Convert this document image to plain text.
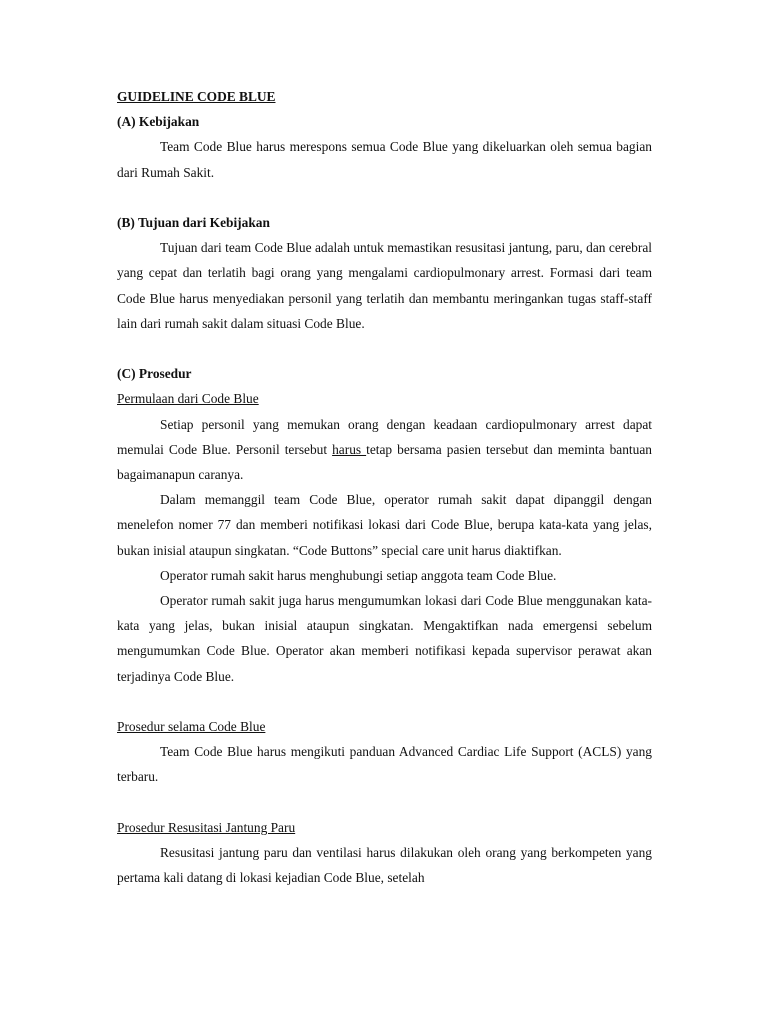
GUIDELINE CODE BLUE
(A) Kebijakan

Team Code Blue harus merespons semua Code Blue yang dikeluarkan oleh semua bagian dari Rumah Sakit.

(B) Tujuan dari Kebijakan

Tujuan dari team Code Blue adalah untuk memastikan resusitasi jantung, paru, dan cerebral yang cepat dan terlatih bagi orang yang mengalami cardiopulmonary arrest. Formasi dari team Code Blue harus menyediakan personil yang terlatih dan membantu meringankan tugas staff-staff lain dari rumah sakit dalam situasi Code Blue.

(C) Prosedur
Permulaan dari Code Blue

Setiap personil yang memukan orang dengan keadaan cardiopulmonary arrest dapat memulai Code Blue. Personil tersebut harus tetap bersama pasien tersebut dan meminta bantuan bagaimanapun caranya.

Dalam memanggil team Code Blue, operator rumah sakit dapat dipanggil dengan menelefon nomer 77 dan memberi notifikasi lokasi dari Code Blue, berupa kata-kata yang jelas, bukan inisial ataupun singkatan. “Code Buttons” special care unit harus diaktifkan.

Operator rumah sakit harus menghubungi setiap anggota team Code Blue.

Operator rumah sakit juga harus mengumumkan lokasi dari Code Blue menggunakan kata-kata yang jelas, bukan inisial ataupun singkatan. Mengaktifkan nada emergensi sebelum mengumumkan Code Blue. Operator akan memberi notifikasi kepada supervisor perawat akan terjadinya Code Blue.

Prosedur selama Code Blue

Team Code Blue harus mengikuti panduan Advanced Cardiac Life Support (ACLS) yang terbaru.

Prosedur Resusitasi Jantung Paru

Resusitasi jantung paru dan ventilasi harus dilakukan oleh orang yang berkompeten yang pertama kali datang di lokasi kejadian Code Blue, setelah
